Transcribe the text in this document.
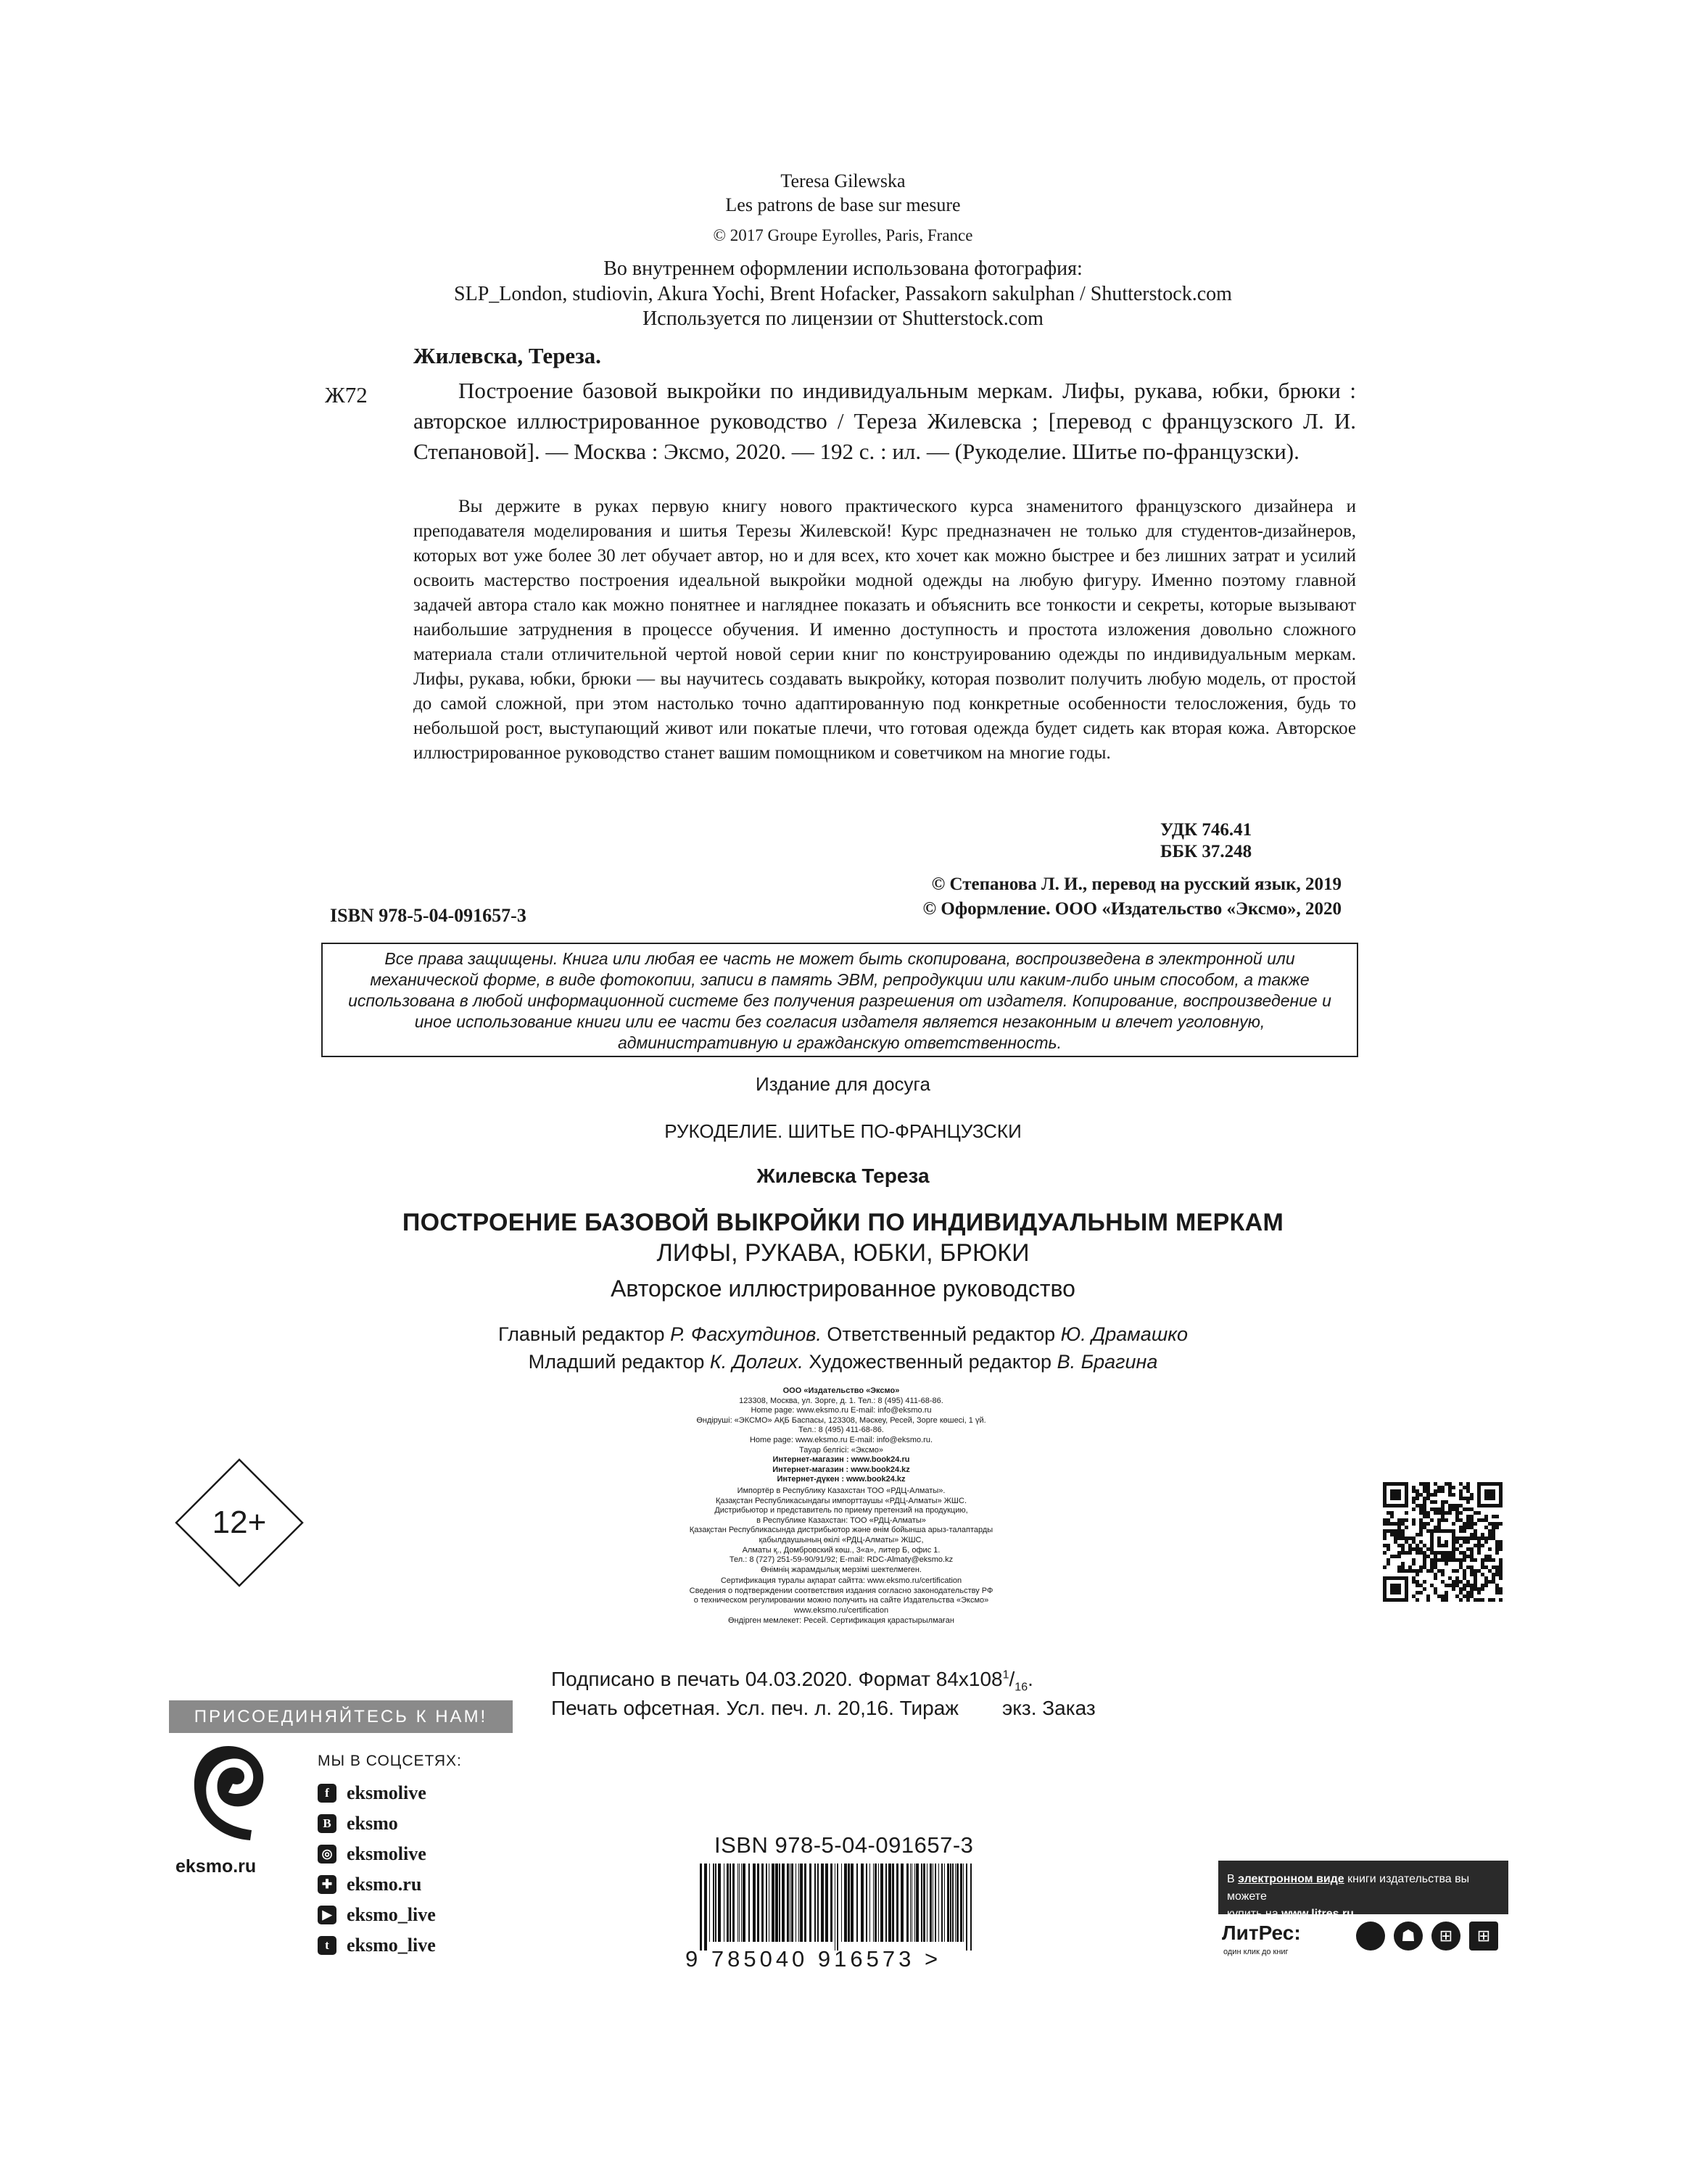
Teresa Gilewska
Les patrons de base sur mesure
© 2017 Groupe Eyrolles, Paris, France
Во внутреннем оформлении использована фотография:
SLP_London, studiovin, Akura Yochi, Brent Hofacker, Passakorn sakulphan / Shutterstock.com
Используется по лицензии от Shutterstock.com
Жилевска, Тереза.
Ж72	Построение базовой выкройки по индивидуальным меркам. Лифы, рукава, юбки, брюки : авторское иллюстрированное руководство / Тереза Жилевска ; [перевод с французского Л. И. Степановой]. — Москва : Эксмо, 2020. — 192 с. : ил. — (Рукоделие. Шитье по-французски).
Вы держите в руках первую книгу нового практического курса знаменитого французского дизайнера и преподавателя моделирования и шитья Терезы Жилевской! Курс предназначен не только для студентов-дизайнеров, которых вот уже более 30 лет обучает автор, но и для всех, кто хочет как можно быстрее и без лишних затрат и усилий освоить мастерство построения идеальной выкройки модной одежды на любую фигуру. Именно поэтому главной задачей автора стало как можно понятнее и нагляднее показать и объяснить все тонкости и секреты, которые вызывают наибольшие затруднения в процессе обучения. И именно доступность и простота изложения довольно сложного материала стали отличительной чертой новой серии книг по конструированию одежды по индивидуальным меркам. Лифы, рукава, юбки, брюки — вы научитесь создавать выкройку, которая позволит получить любую модель, от простой до самой сложной, при этом настолько точно адаптированную под конкретные особенности телосложения, будь то небольшой рост, выступающий живот или покатые плечи, что готовая одежда будет сидеть как вторая кожа. Авторское иллюстрированное руководство станет вашим помощником и советчиком на многие годы.
УДК 746.41
ББК 37.248
© Степанова Л. И., перевод на русский язык, 2019
© Оформление. ООО «Издательство «Эксмо», 2020
ISBN 978-5-04-091657-3
Все права защищены. Книга или любая ее часть не может быть скопирована, воспроизведена в электронной или механической форме, в виде фотокопии, записи в память ЭВМ, репродукции или каким-либо иным способом, а также использована в любой информационной системе без получения разрешения от издателя. Копирование, воспроизведение и иное использование книги или ее части без согласия издателя является незаконным и влечет уголовную, административную и гражданскую ответственность.
Издание для досуга
РУКОДЕЛИЕ. ШИТЬЕ ПО-ФРАНЦУЗСКИ
Жилевска Тереза
ПОСТРОЕНИЕ БАЗОВОЙ ВЫКРОЙКИ ПО ИНДИВИДУАЛЬНЫМ МЕРКАМ
ЛИФЫ, РУКАВА, ЮБКИ, БРЮКИ
Авторское иллюстрированное руководство
Главный редактор Р. Фасхутдинов. Ответственный редактор Ю. Драмашко
Младший редактор К. Долгих. Художественный редактор В. Брагина
ООО «Издательство «Эксмо»
123308, Москва, ул. Зорге, д. 1. Тел.: 8 (495) 411-68-86.
Home page: www.eksmo.ru E-mail: info@eksmo.ru
Өндіруші: «ЭКСМО» АҚБ Баспасы, 123308, Мәскеу, Ресей, Зорге көшесі, 1 үй.
Тел.: 8 (495) 411-68-86.
Home page: www.eksmo.ru E-mail: info@eksmo.ru.
Тауар белгісі: «Эксмо»
Интернет-магазин : www.book24.ru
Интернет-магазин : www.book24.kz
Интернет-дүкен : www.book24.kz
Импортёр в Республику Казахстан ТОО «РДЦ-Алматы».
Қазақстан Республикасындағы импорттаушы «РДЦ-Алматы» ЖШС.
Дистрибьютор и представитель по приему претензий на продукцию,
в Республике Казахстан: ТОО «РДЦ-Алматы»
Қазақстан Республикасында дистрибьютор және өнім бойынша арыз-талаптарды
қабылдаушының өкілі «РДЦ-Алматы» ЖШС,
Алматы қ., Домбровский көш., 3«а», литер Б, офис 1.
Тел.: 8 (727) 251-59-90/91/92; E-mail: RDC-Almaty@eksmo.kz
Өнімнің жарамдылық мерзімі шектелмеген.
Сертификация туралы ақпарат сайтта: www.eksmo.ru/certification
Сведения о подтверждении соответствия издания согласно законодательству РФ
о техническом регулировании можно получить на сайте Издательства «Эксмо»
www.eksmo.ru/certification
Өндірген мемлекет: Ресей. Сертификация қарастырылмаған
12+
Подписано в печать 04.03.2020. Формат $84x108^1/_{16}$.
Печать офсетная. Усл. печ. л. 20,16. Тираж экз. Заказ
ПРИСОЕДИНЯЙТЕСЬ К НАМ!
eksmo.ru
МЫ В СОЦСЕТЯХ:
f eksmolive
B eksmo
◎ eksmolive
✚ eksmo.ru
▶ eksmo_live
t eksmo_live
ISBN 978-5-04-091657-3
9 785040 916573 >
В электронном виде книги издательства вы можете
купить на www.litres.ru
ЛитРес:
один клик до книг
☗	⊞	⊞
